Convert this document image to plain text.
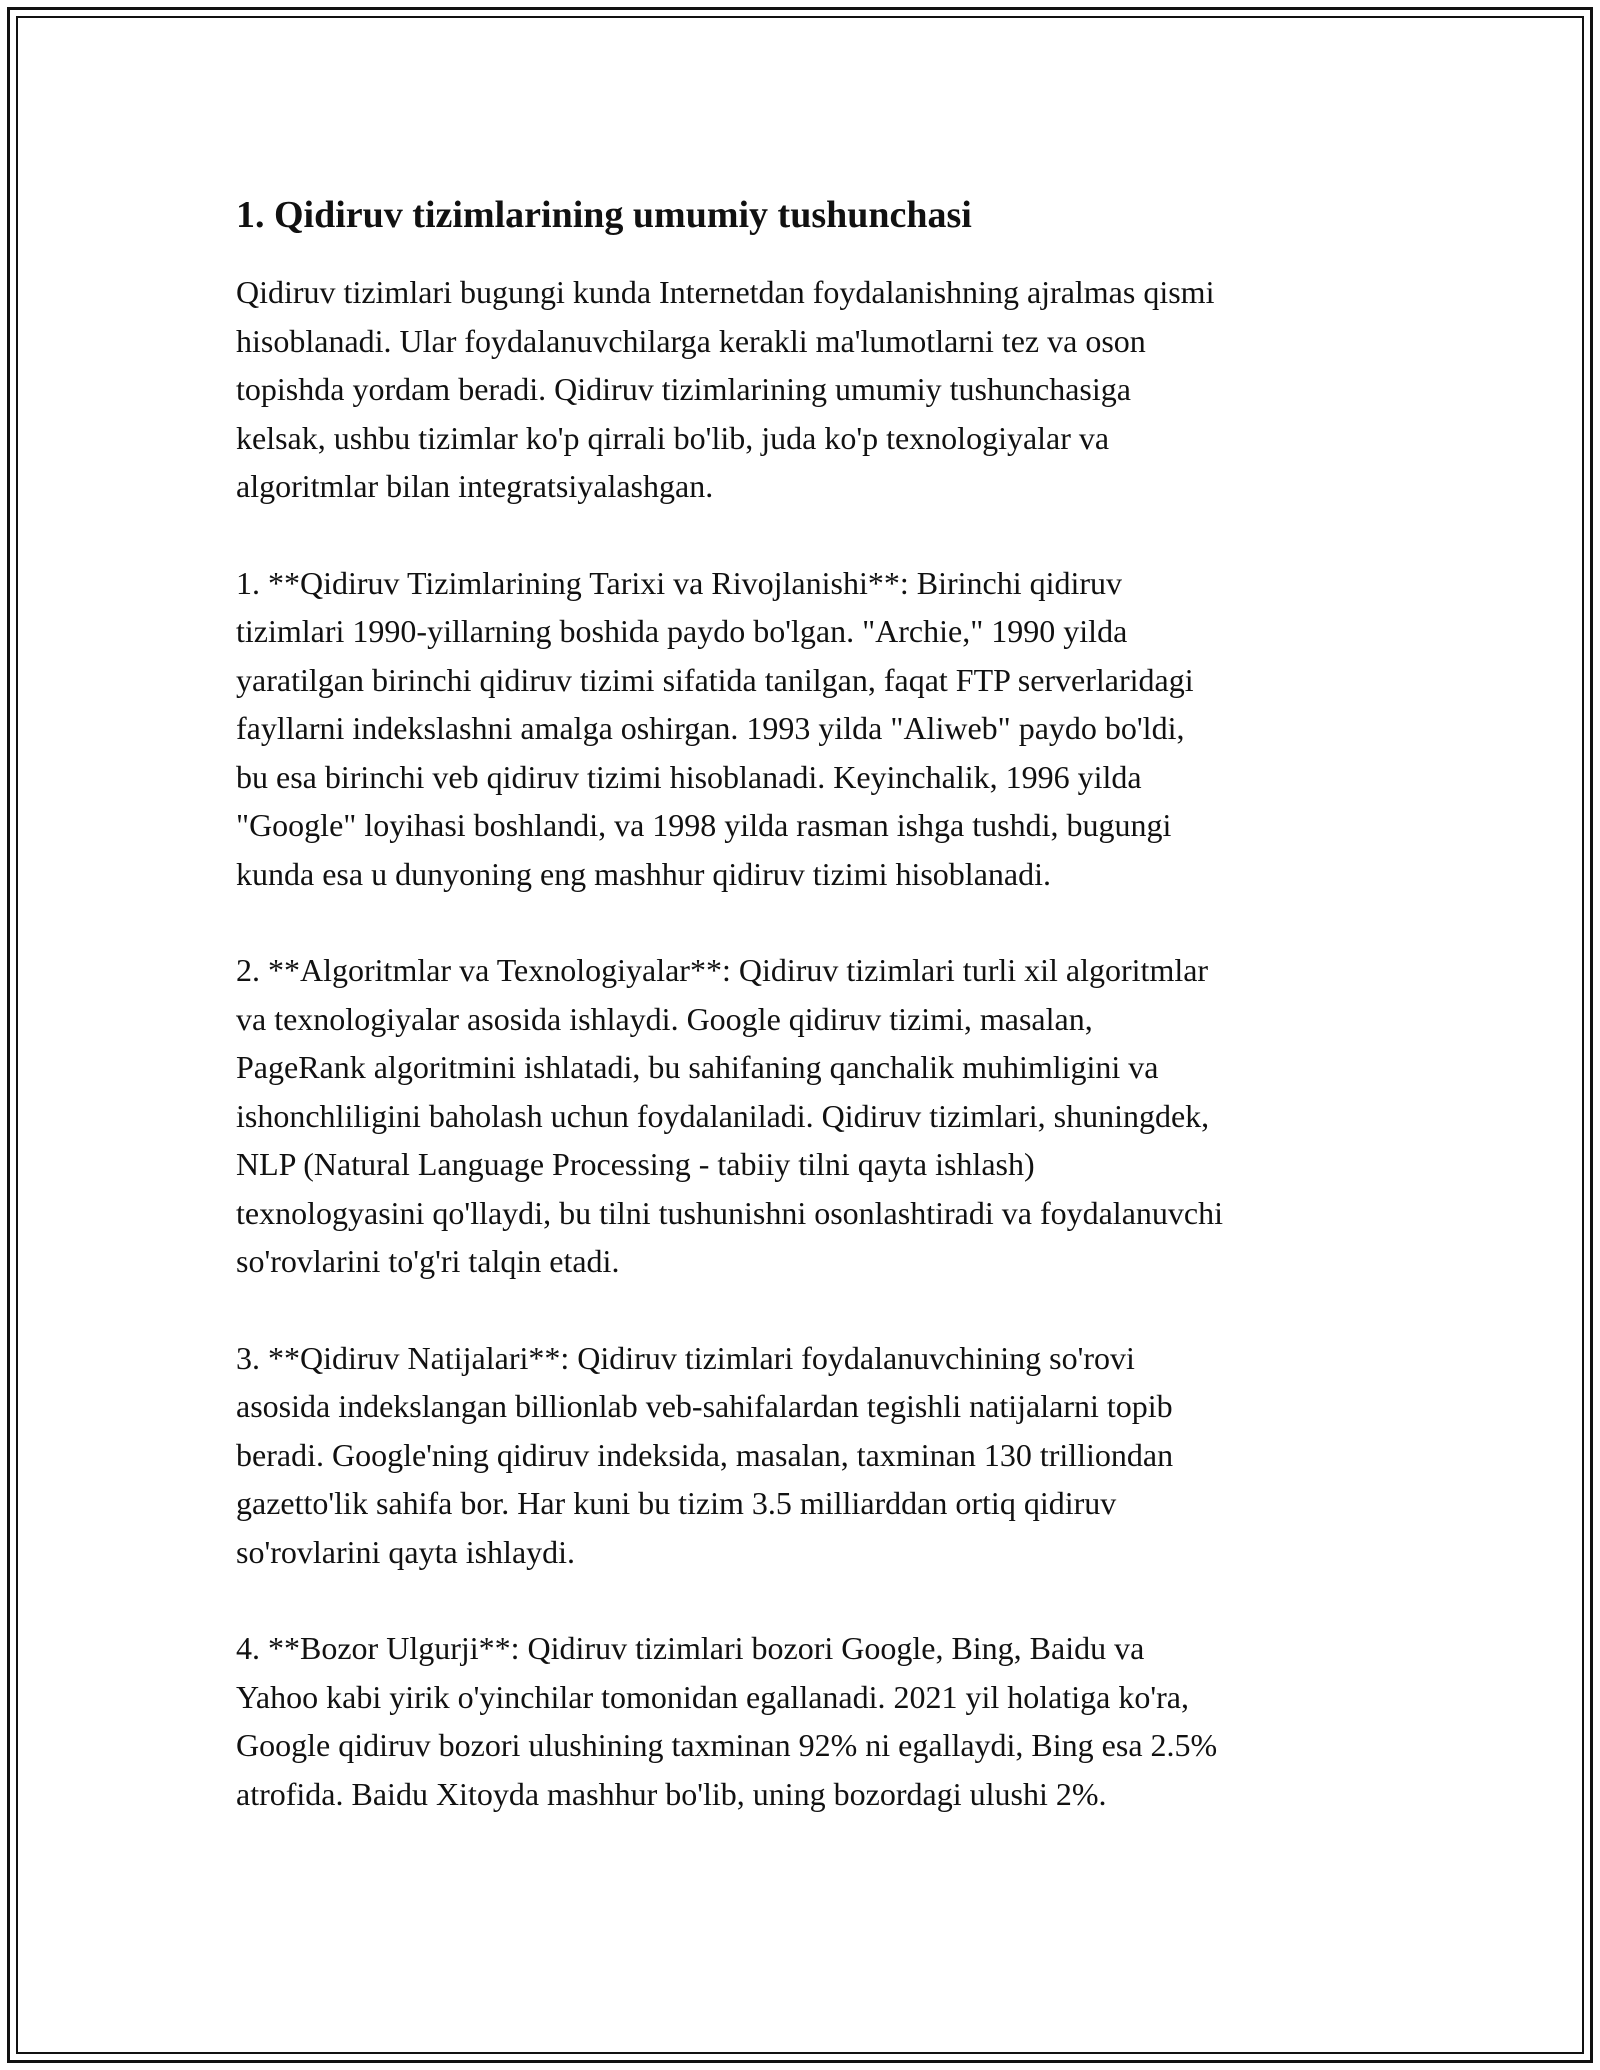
1. Qidiruv tizimlarining umumiy tushunchasi

Qidiruv tizimlari bugungi kunda Internetdan foydalanishning ajralmas qismi
hisoblanadi. Ular foydalanuvchilarga kerakli ma'lumotlarni tez va oson
topishda yordam beradi. Qidiruv tizimlarining umumiy tushunchasiga
kelsak, ushbu tizimlar ko'p qirrali bo'lib, juda ko'p texnologiyalar va
algoritmlar bilan integratsiyalashgan.

1. **Qidiruv Tizimlarining Tarixi va Rivojlanishi**: Birinchi qidiruv
tizimlari 1990-yillarning boshida paydo bo'lgan. "Archie," 1990 yilda
yaratilgan birinchi qidiruv tizimi sifatida tanilgan, faqat FTP serverlaridagi
fayllarni indekslashni amalga oshirgan. 1993 yilda "Aliweb" paydo bo'ldi,
bu esa birinchi veb qidiruv tizimi hisoblanadi. Keyinchalik, 1996 yilda
"Google" loyihasi boshlandi, va 1998 yilda rasman ishga tushdi, bugungi
kunda esa u dunyoning eng mashhur qidiruv tizimi hisoblanadi.

2. **Algoritmlar va Texnologiyalar**: Qidiruv tizimlari turli xil algoritmlar
va texnologiyalar asosida ishlaydi. Google qidiruv tizimi, masalan,
PageRank algoritmini ishlatadi, bu sahifaning qanchalik muhimligini va
ishonchliligini baholash uchun foydalaniladi. Qidiruv tizimlari, shuningdek,
NLP (Natural Language Processing - tabiiy tilni qayta ishlash)
texnologyasini qo'llaydi, bu tilni tushunishni osonlashtiradi va foydalanuvchi
so'rovlarini to'g'ri talqin etadi.

3. **Qidiruv Natijalari**: Qidiruv tizimlari foydalanuvchining so'rovi
asosida indekslangan billionlab veb-sahifalardan tegishli natijalarni topib
beradi. Google'ning qidiruv indeksida, masalan, taxminan 130 trilliondan
gazetto'lik sahifa bor. Har kuni bu tizim 3.5 milliarddan ortiq qidiruv
so'rovlarini qayta ishlaydi.

4. **Bozor Ulgurji**: Qidiruv tizimlari bozori Google, Bing, Baidu va
Yahoo kabi yirik o'yinchilar tomonidan egallanadi. 2021 yil holatiga ko'ra,
Google qidiruv bozori ulushining taxminan 92% ni egallaydi, Bing esa 2.5%
atrofida. Baidu Xitoyda mashhur bo'lib, uning bozordagi ulushi 2%.
